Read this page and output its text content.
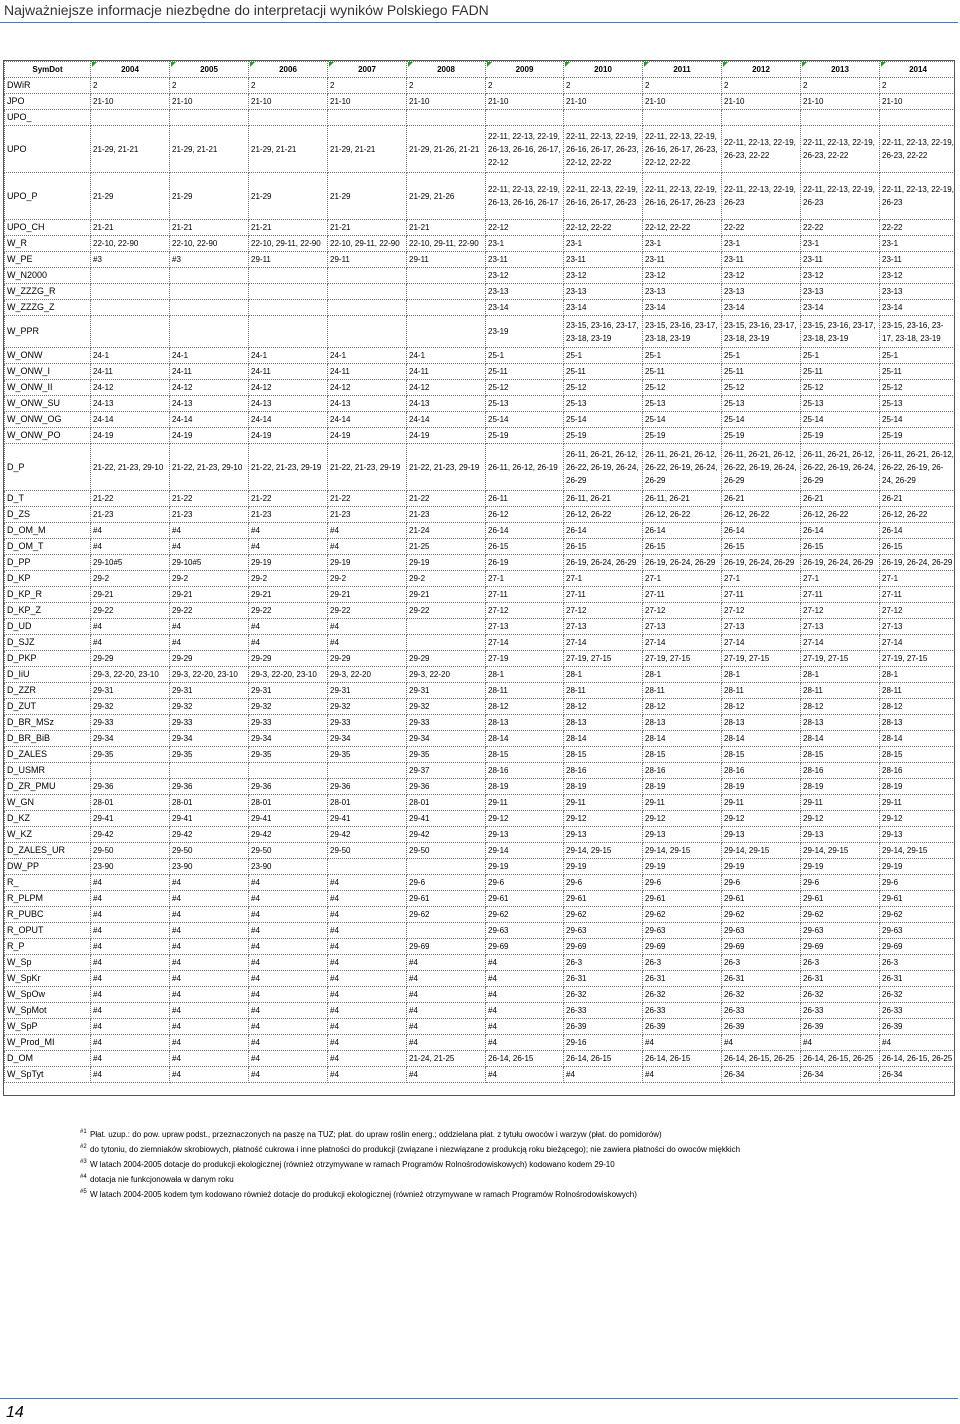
Najważniejsze informacje niezbędne do interpretacji wyników Polskiego FADN
SymDot	2004	2005	2006	2007	2008	2009	2010	2011	2012	2013	2014
DWiR	2	2	2	2	2	2	2	2	2	2	2
JPO	21-10	21-10	21-10	21-10	21-10	21-10	21-10	21-10	21-10	21-10	21-10
UPO_											
UPO	21-29, 21-21	21-29, 21-21	21-29, 21-21	21-29, 21-21	21-29, 21-26, 21-21	22-11, 22-13, 22-19, 26-13, 26-16, 26-17, 22-12	22-11, 22-13, 22-19, 26-16, 26-17, 26-23, 22-12, 22-22	22-11, 22-13, 22-19, 26-16, 26-17, 26-23, 22-12, 22-22	22-11, 22-13, 22-19, 26-23, 22-22	22-11, 22-13, 22-19, 26-23, 22-22	22-11, 22-13, 22-19, 26-23, 22-22
UPO_P	21-29	21-29	21-29	21-29	21-29, 21-26	22-11, 22-13, 22-19, 26-13, 26-16, 26-17	22-11, 22-13, 22-19, 26-16, 26-17, 26-23	22-11, 22-13, 22-19, 26-16, 26-17, 26-23	22-11, 22-13, 22-19, 26-23	22-11, 22-13, 22-19, 26-23	22-11, 22-13, 22-19, 26-23
UPO_CH	21-21	21-21	21-21	21-21	21-21	22-12	22-12, 22-22	22-12, 22-22	22-22	22-22	22-22
W_R	22-10, 22-90	22-10, 22-90	22-10, 29-11, 22-90	22-10, 29-11, 22-90	22-10, 29-11, 22-90	23-1	23-1	23-1	23-1	23-1	23-1
W_PE	#3	#3	29-11	29-11	29-11	23-11	23-11	23-11	23-11	23-11	23-11
W_N2000						23-12	23-12	23-12	23-12	23-12	23-12
W_ZZZG_R						23-13	23-13	23-13	23-13	23-13	23-13
W_ZZZG_Z						23-14	23-14	23-14	23-14	23-14	23-14
W_PPR						23-19	23-15, 23-16, 23-17, 23-18, 23-19	23-15, 23-16, 23-17, 23-18, 23-19	23-15, 23-16, 23-17, 23-18, 23-19	23-15, 23-16, 23-17, 23-18, 23-19	23-15, 23-16, 23-17, 23-18, 23-19
W_ONW	24-1	24-1	24-1	24-1	24-1	25-1	25-1	25-1	25-1	25-1	25-1
W_ONW_I	24-11	24-11	24-11	24-11	24-11	25-11	25-11	25-11	25-11	25-11	25-11
W_ONW_II	24-12	24-12	24-12	24-12	24-12	25-12	25-12	25-12	25-12	25-12	25-12
W_ONW_SU	24-13	24-13	24-13	24-13	24-13	25-13	25-13	25-13	25-13	25-13	25-13
W_ONW_OG	24-14	24-14	24-14	24-14	24-14	25-14	25-14	25-14	25-14	25-14	25-14
W_ONW_PO	24-19	24-19	24-19	24-19	24-19	25-19	25-19	25-19	25-19	25-19	25-19
D_P	21-22, 21-23, 29-10	21-22, 21-23, 29-10	21-22, 21-23, 29-19	21-22, 21-23, 29-19	21-22, 21-23, 29-19	26-11, 26-12, 26-19	26-11, 26-21, 26-12, 26-22, 26-19, 26-24, 26-29	26-11, 26-21, 26-12, 26-22, 26-19, 26-24, 26-29	26-11, 26-21, 26-12, 26-22, 26-19, 26-24, 26-29	26-11, 26-21, 26-12, 26-22, 26-19, 26-24, 26-29	26-11, 26-21, 26-12, 26-22, 26-19, 26-24, 26-29
D_T	21-22	21-22	21-22	21-22	21-22	26-11	26-11, 26-21	26-11, 26-21	26-21	26-21	26-21
D_ZS	21-23	21-23	21-23	21-23	21-23	26-12	26-12, 26-22	26-12, 26-22	26-12, 26-22	26-12, 26-22	26-12, 26-22
D_OM_M	#4	#4	#4	#4	21-24	26-14	26-14	26-14	26-14	26-14	26-14
D_OM_T	#4	#4	#4	#4	21-25	26-15	26-15	26-15	26-15	26-15	26-15
D_PP	29-10#5	29-10#5	29-19	29-19	29-19	26-19	26-19, 26-24, 26-29	26-19, 26-24, 26-29	26-19, 26-24, 26-29	26-19, 26-24, 26-29	26-19, 26-24, 26-29
D_KP	29-2	29-2	29-2	29-2	29-2	27-1	27-1	27-1	27-1	27-1	27-1
D_KP_R	29-21	29-21	29-21	29-21	29-21	27-11	27-11	27-11	27-11	27-11	27-11
D_KP_Z	29-22	29-22	29-22	29-22	29-22	27-12	27-12	27-12	27-12	27-12	27-12
D_UD	#4	#4	#4	#4		27-13	27-13	27-13	27-13	27-13	27-13
D_SJZ	#4	#4	#4	#4		27-14	27-14	27-14	27-14	27-14	27-14
D_PKP	29-29	29-29	29-29	29-29	29-29	27-19	27-19, 27-15	27-19, 27-15	27-19, 27-15	27-19, 27-15	27-19, 27-15
D_IiU	29-3, 22-20, 23-10	29-3, 22-20, 23-10	29-3, 22-20, 23-10	29-3, 22-20	29-3, 22-20	28-1	28-1	28-1	28-1	28-1	28-1
D_ZZR	29-31	29-31	29-31	29-31	29-31	28-11	28-11	28-11	28-11	28-11	28-11
D_ZUT	29-32	29-32	29-32	29-32	29-32	28-12	28-12	28-12	28-12	28-12	28-12
D_BR_MSz	29-33	29-33	29-33	29-33	29-33	28-13	28-13	28-13	28-13	28-13	28-13
D_BR_BiB	29-34	29-34	29-34	29-34	29-34	28-14	28-14	28-14	28-14	28-14	28-14
D_ZALES	29-35	29-35	29-35	29-35	29-35	28-15	28-15	28-15	28-15	28-15	28-15
D_USMR					29-37	28-16	28-16	28-16	28-16	28-16	28-16
D_ZR_PMU	29-36	29-36	29-36	29-36	29-36	28-19	28-19	28-19	28-19	28-19	28-19
W_GN	28-01	28-01	28-01	28-01	28-01	29-11	29-11	29-11	29-11	29-11	29-11
D_KZ	29-41	29-41	29-41	29-41	29-41	29-12	29-12	29-12	29-12	29-12	29-12
W_KZ	29-42	29-42	29-42	29-42	29-42	29-13	29-13	29-13	29-13	29-13	29-13
D_ZALES_UR	29-50	29-50	29-50	29-50	29-50	29-14	29-14, 29-15	29-14, 29-15	29-14, 29-15	29-14, 29-15	29-14, 29-15
DW_PP	23-90	23-90	23-90			29-19	29-19	29-19	29-19	29-19	29-19
R_	#4	#4	#4	#4	29-6	29-6	29-6	29-6	29-6	29-6	29-6
R_PLPM	#4	#4	#4	#4	29-61	29-61	29-61	29-61	29-61	29-61	29-61
R_PUBC	#4	#4	#4	#4	29-62	29-62	29-62	29-62	29-62	29-62	29-62
R_OPUT	#4	#4	#4	#4		29-63	29-63	29-63	29-63	29-63	29-63
R_P	#4	#4	#4	#4	29-69	29-69	29-69	29-69	29-69	29-69	29-69
W_Sp	#4	#4	#4	#4	#4	#4	26-3	26-3	26-3	26-3	26-3
W_SpKr	#4	#4	#4	#4	#4	#4	26-31	26-31	26-31	26-31	26-31
W_SpOw	#4	#4	#4	#4	#4	#4	26-32	26-32	26-32	26-32	26-32
W_SpMot	#4	#4	#4	#4	#4	#4	26-33	26-33	26-33	26-33	26-33
W_SpP	#4	#4	#4	#4	#4	#4	26-39	26-39	26-39	26-39	26-39
W_Prod_MI	#4	#4	#4	#4	#4	#4	29-16	#4	#4	#4	#4
D_OM	#4	#4	#4	#4	21-24, 21-25	26-14, 26-15	26-14, 26-15	26-14, 26-15	26-14, 26-15, 26-25	26-14, 26-15, 26-25	26-14, 26-15, 26-25
W_SpTyt	#4	#4	#4	#4	#4	#4	#4	#4	26-34	26-34	26-34
#1 Płat. uzup.: do pow. upraw podst., przeznaczonych na paszę na TUZ; płat. do upraw roślin energ.; oddzielana płat. z tytułu owoców i warzyw (płat. do pomidorów)
#2 do tytoniu, do ziemniaków skrobiowych, płatność cukrowa i inne płatności do produkcji (związane i niezwiązane z produkcją roku bieżącego); nie zawiera płatności do owoców miękkich
#3 W latach 2004-2005 dotacje do produkcji ekologicznej (również otrzymywane w ramach Programów Rolnośrodowiskowych) kodowano kodem 29-10
#4 dotacja nie funkcjonowała w danym roku
#5 W latach 2004-2005 kodem tym kodowano również dotacje do produkcji ekologicznej (również otrzymywane w ramach Programów Rolnośrodowiskowych)
14
